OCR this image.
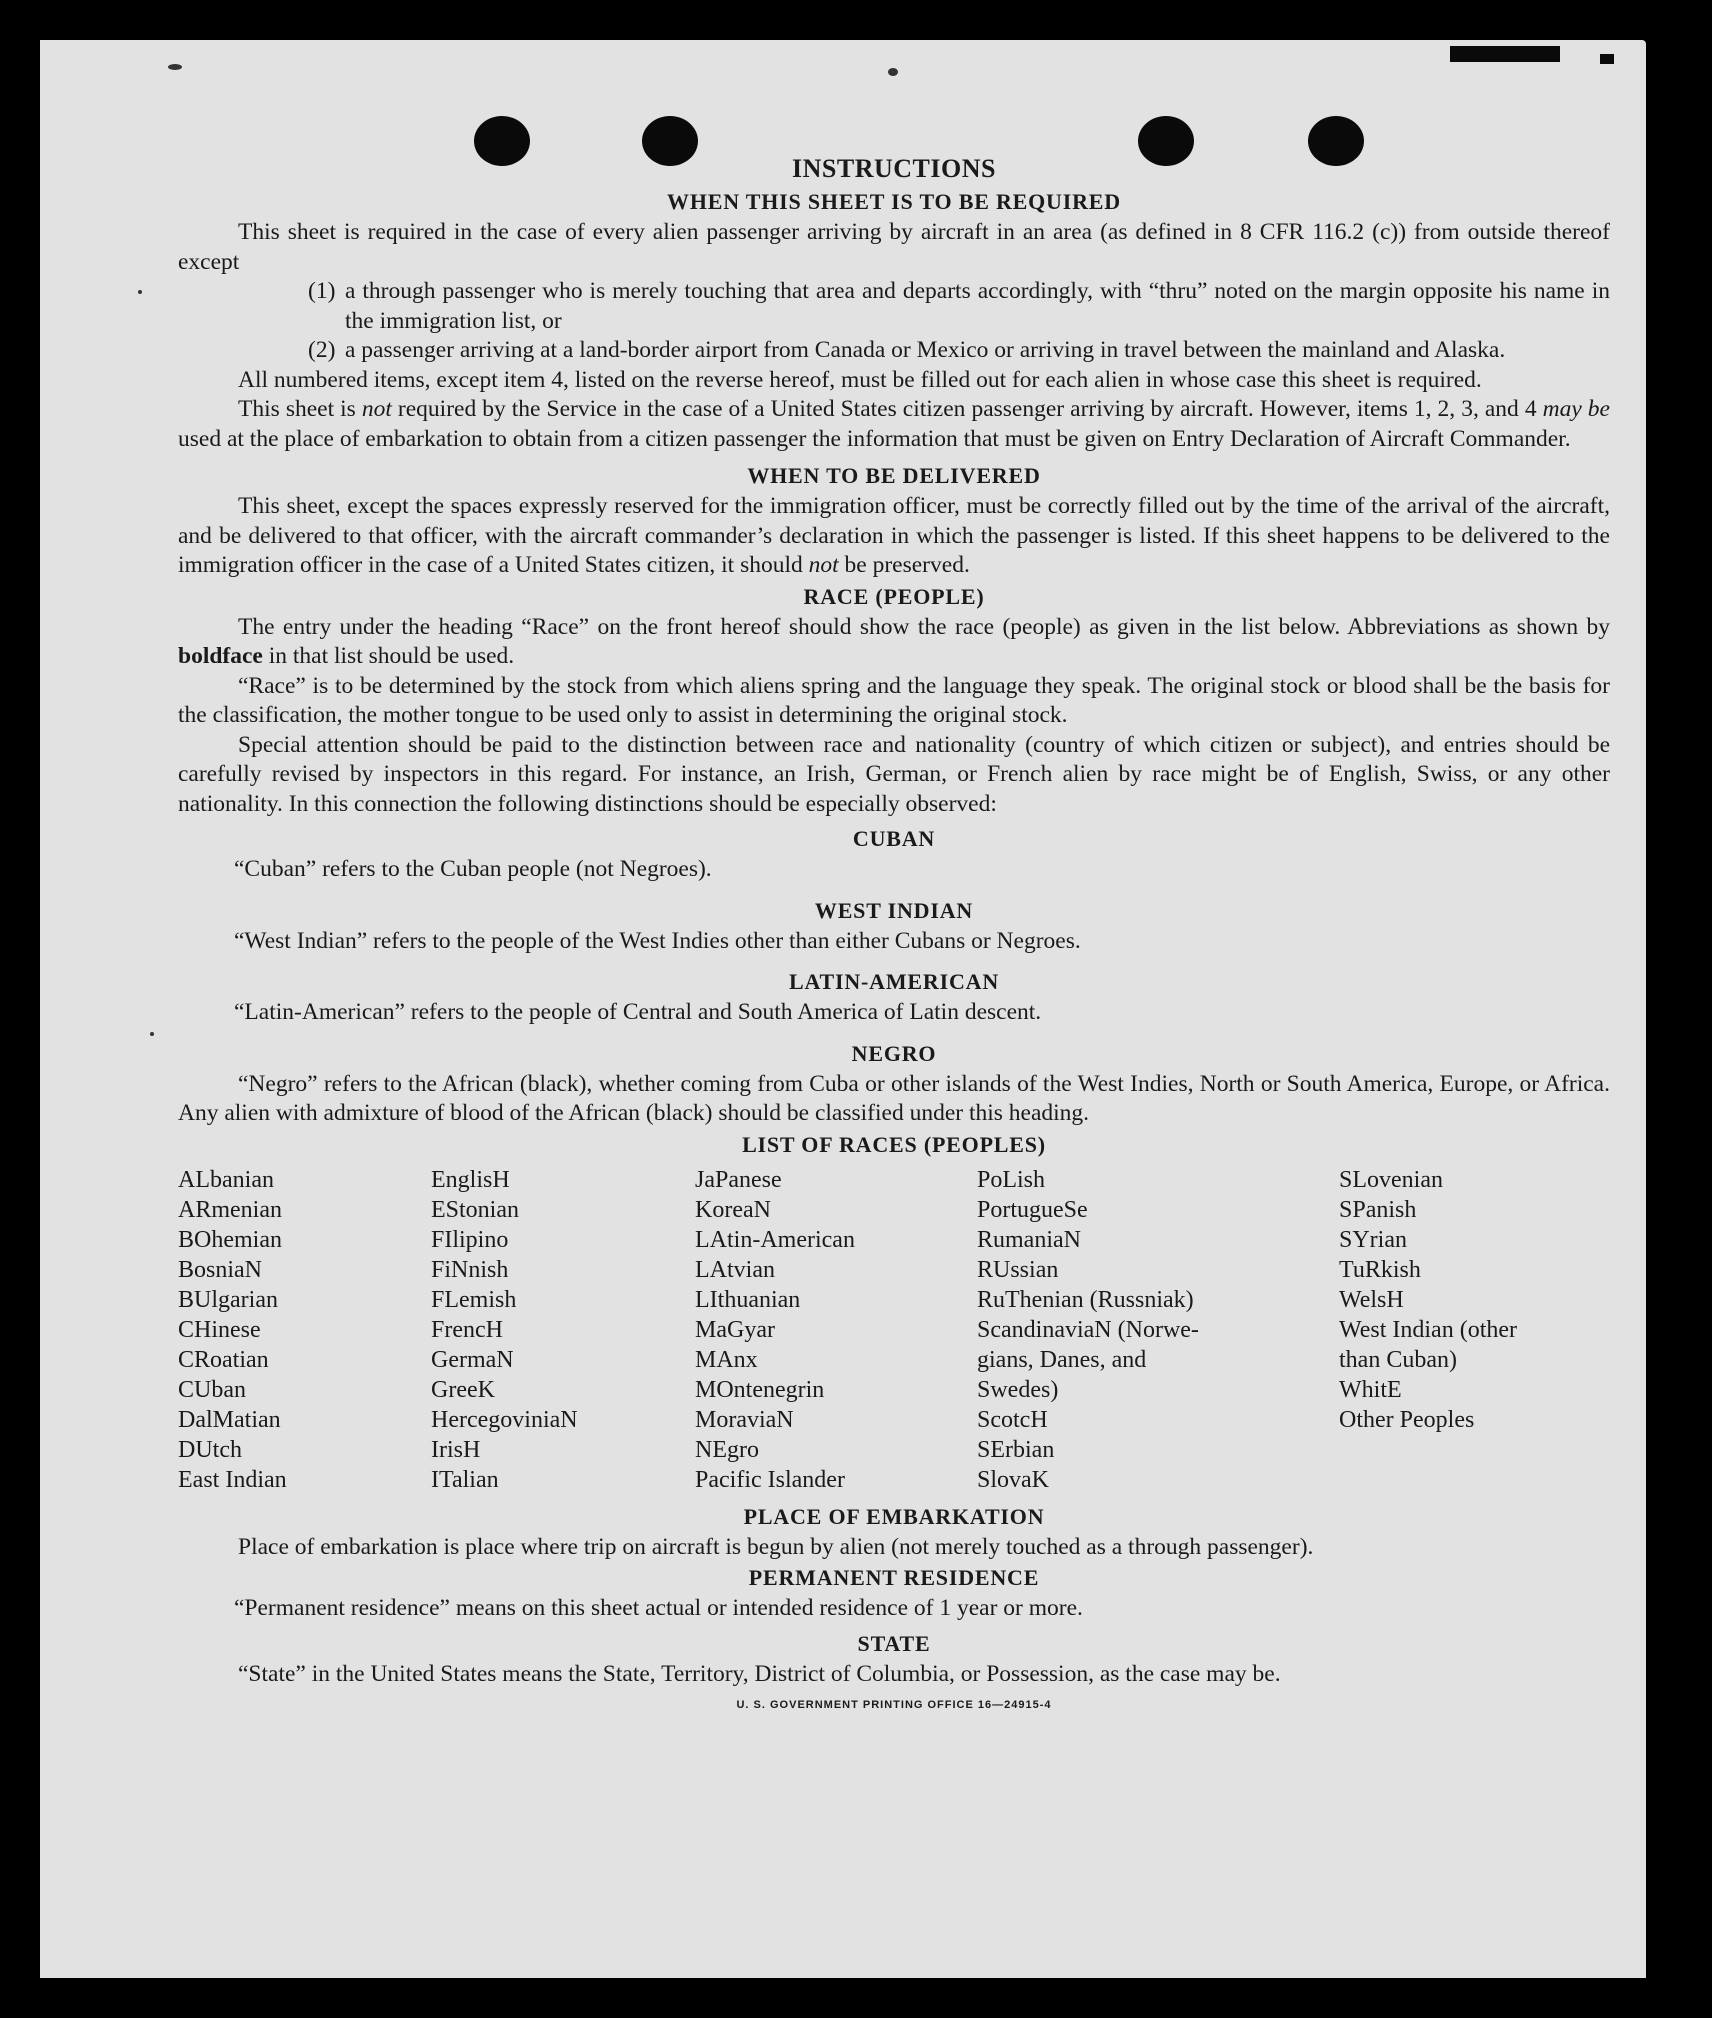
INSTRUCTIONS
WHEN THIS SHEET IS TO BE REQUIRED

This sheet is required in the case of every alien passenger arriving by aircraft in an area (as defined in 8 CFR 116.2 (c)) from outside thereof except

(1) a through passenger who is merely touching that area and departs accordingly, with “thru” noted on the margin opposite his name in the immigration list, or

(2) a passenger arriving at a land-border airport from Canada or Mexico or arriving in travel between the mainland and Alaska.

All numbered items, except item 4, listed on the reverse hereof, must be filled out for each alien in whose case this sheet is required.

This sheet is not required by the Service in the case of a United States citizen passenger arriving by aircraft. However, items 1, 2, 3, and 4 may be used at the place of embarkation to obtain from a citizen passenger the information that must be given on Entry Declaration of Aircraft Commander.

WHEN TO BE DELIVERED

This sheet, except the spaces expressly reserved for the immigration officer, must be correctly filled out by the time of the arrival of the aircraft, and be delivered to that officer, with the aircraft commander’s declaration in which the passenger is listed. If this sheet happens to be delivered to the immigration officer in the case of a United States citizen, it should not be preserved.

RACE (PEOPLE)

The entry under the heading “Race” on the front hereof should show the race (people) as given in the list below. Abbreviations as shown by boldface in that list should be used.

“Race” is to be determined by the stock from which aliens spring and the language they speak. The original stock or blood shall be the basis for the classification, the mother tongue to be used only to assist in determining the original stock.

Special attention should be paid to the distinction between race and nationality (country of which citizen or subject), and entries should be carefully revised by inspectors in this regard. For instance, an Irish, German, or French alien by race might be of English, Swiss, or any other nationality. In this connection the following distinctions should be especially observed:

CUBAN

“Cuban” refers to the Cuban people (not Negroes).

WEST INDIAN

“West Indian” refers to the people of the West Indies other than either Cubans or Negroes.

LATIN-AMERICAN

“Latin-American” refers to the people of Central and South America of Latin descent.

NEGRO

“Negro” refers to the African (black), whether coming from Cuba or other islands of the West Indies, North or South America, Europe, or Africa. Any alien with admixture of blood of the African (black) should be classified under this heading.

LIST OF RACES (PEOPLES)
ALbanian
ARmenian
BOhemian
BosniaN
BUlgarian
CHinese
CRoatian
CUban
DalMatian
DUtch
East Indian
EnglisH
EStonian
FIlipino
FiNnish
FLemish
FrencH
GermaN
GreeK
HercegoviniaN
IrisH
ITalian
JaPanese
KoreaN
LAtin-American
LAtvian
LIthuanian
MaGyar
MAnx
MOntenegrin
MoraviaN
NEgro
Pacific Islander
PoLish
PortugueSe
RumaniaN
RUssian
RuThenian (Russniak)
ScandinaviaN (Norwe-
gians, Danes, and
Swedes)
ScotcH
SErbian
SlovaK
SLovenian
SPanish
SYrian
TuRkish
WelsH
West Indian (other
than Cuban)
WhitE
Other Peoples
PLACE OF EMBARKATION

Place of embarkation is place where trip on aircraft is begun by alien (not merely touched as a through passenger).

PERMANENT RESIDENCE

“Permanent residence” means on this sheet actual or intended residence of 1 year or more.

STATE

“State” in the United States means the State, Territory, District of Columbia, or Possession, as the case may be.

U. S. GOVERNMENT PRINTING OFFICE 16—24915-4
